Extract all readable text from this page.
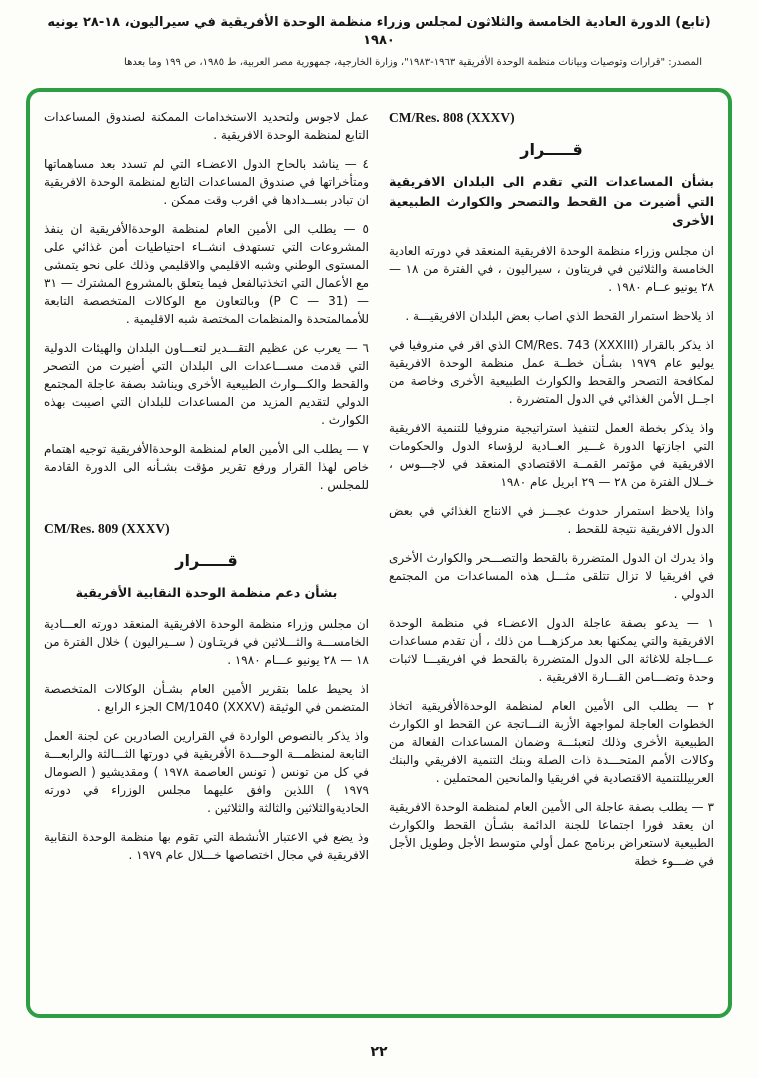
(تابع) الدورة العادية الخامسة والثلاثون لمجلس وزراء منظمة الوحدة الأفريقية في سيراليون، ١٨-٢٨ يونيه ١٩٨٠
المصدر: "قرارات وتوصيات وبيانات منظمة الوحدة الأفريقية ١٩٦٣-١٩٨٣"، وزارة الخارجية، جمهورية مصر العربية، ط ١٩٨٥، ص ١٩٩ وما بعدها
CM/Res. 808 (XXXV)
قـــــرار
بشأن المساعدات التي تقدم الى البلدان الافريقية التي أضيرت من القحط والتصحر والكوارث الطبيعية الأخرى

ان مجلس وزراء منظمة الوحدة الافريقية المنعقد في دورته العادية الخامسة والثلاثين في فريتاون ، سيراليون ، في الفترة من ١٨ — ٢٨ يونيو عــام ١٩٨٠ .

اذ يلاحظ استمرار القحط الذي اصاب بعض البلدان الافريقيـــة .

اذ يذكر بالقرار CM/Res. 743 (XXXIII) الذي اقر في منروفيا في يوليو عام ١٩٧٩ بشـأن خطــة عمل منظمة الوحدة الافريقية لمكافحة التصحر والقحط والكوارث الطبيعية الأخرى وخاصة من اجــل الأمن الغذائي في الدول المتضررة .

واذ يذكر بخطة العمل لتنفيذ استراتيجية منروفيا للتنمية الافريقية التي اجازتها الدورة غـــير العــادية لرؤساء الدول والحكومات الافريقية في مؤتمر القمــة الاقتصادي المنعقد في لاجـــوس ، خــلال الفترة من ٢٨ — ٢٩ ابريل عام ١٩٨٠

واذا يلاحظ استمرار حدوث عجـــز في الانتاج الغذائي في بعض الدول الافريقية نتيجة للقحط .

واذ يدرك ان الدول المتضررة بالقحط والتصـــحر والكوارث الأخرى في افريقيا لا تزال تتلقى مثـــل هذه المساعدات من المجتمع الدولي .

١ — يدعو بصفة عاجلة الدول الاعضـاء في منظمة الوحدة الافريقية والتي يمكنها بعد مركزهـــا من ذلك ، أن تقدم مساعدات عـــاجلة للاغاثة الى الدول المتضررة بالقحط في افريقيـــا لاثبات وحدة وتضـــامن القـــارة الافريقية .

٢ — يطلب الى الأمين العام لمنظمة الوحدةالأفريقية اتخاذ الخطوات العاجلة لمواجهة الأزبة النـــاتجة عن القحط او الكوارث الطبيعية الأخرى وذلك لتعبئـــة وضمان المساعدات الفعالة من وكالات الأمم المتحـــدة ذات الصلة وبنك التنمية الافريقي والبنك العربيللتنمية الاقتصادية في افريقيا والمانحين المحتملين .

٣ — يطلب بصفة عاجلة الى الأمين العام لمنظمة الوحدة الافريقية ان يعقد فورا اجتماعا للجنة الدائمة بشـأن القحط والكوارث الطبيعية لاستعراض برنامج عمل أولي متوسط الأجل وطويل الأجل في ضـــوء خطة

عمل لاجوس ولتحديد الاستخدامات الممكنة لصندوق المساعدات التابع لمنظمة الوحدة الافريقية .

٤ — يناشد بالحاح الدول الاعضـاء التي لم تسدد بعد مساهماتها ومتأخراتها في صندوق المساعدات التابع لمنظمة الوحدة الافريقية ان تبادر بســدادها في اقرب وقت ممكن .

٥ — يطلب الى الأمين العام لمنظمة الوحدةالأفريقية ان ينفذ المشروعات التي تستهدف انشــاء احتياطيات أمن غذائي على المستوى الوطني وشبه الاقليمي والاقليمي وذلك على نحو يتمشى مع الأعمال التي اتخذتبالفعل فيما يتعلق بالمشروع المشترك — ٣١ — (P C — 31) وبالتعاون مع الوكالات المتخصصة التابعة للأممالمتحدة والمنظمات المختصة شبه الاقليمية .

٦ — يعرب عن عظيم التقـــدير لتعـــاون البلدان والهيئات الدولية التي قدمت مســـاعدات الى البلدان التي أضيرت من التصحر والقحط والكـــوارث الطبيعية الأخرى ويناشد بصفة عاجلة المجتمع الدولي لتقديم المزيد من المساعدات للبلدان التي اصيبت بهذه الكوارث .

٧ — يطلب الى الأمين العام لمنظمة الوحدةالأفريقية توجيه اهتمام خاص لهذا القرار ورفع تقرير مؤقت بشـأنه الى الدورة القادمة للمجلس .

CM/Res. 809 (XXXV)
قـــــرار
بشأن دعم منظمة الوحدة النقابية الأفريقية

ان مجلس وزراء منظمة الوحدة الافريقية المنعقد دورته العـــادية الخامســـة والثـــلاثين في فريتـاون ( ســيراليون ) خلال الفترة من ١٨ — ٢٨ يونيو عـــام ١٩٨٠ .

اذ يحيط علما بتقرير الأمين العام بشـأن الوكالات المتخصصة المتضمن في الوثيقة CM/1040 (XXXV) الجزء الرابع .

واذ يذكر بالنصوص الواردة في القرارين الصادرين عن لجنة العمل التابعة لمنظمـــة الوحـــدة الأفريقية في دورتها الثـــالثة والرابعـــة في كل من تونس ( تونس العاصمة ١٩٧٨ ) ومقديشيو ( الصومال ١٩٧٩ ) اللذين وافق عليهما مجلس الوزراء في دورته الحاديةوالثلاثين والثالثة والثلاثين .

وذ يضع في الاعتبار الأنشطة التي تقوم بها منظمة الوحدة النقابية الافريقية في مجال اختصاصها خـــلال عام ١٩٧٩ .

٢٢
